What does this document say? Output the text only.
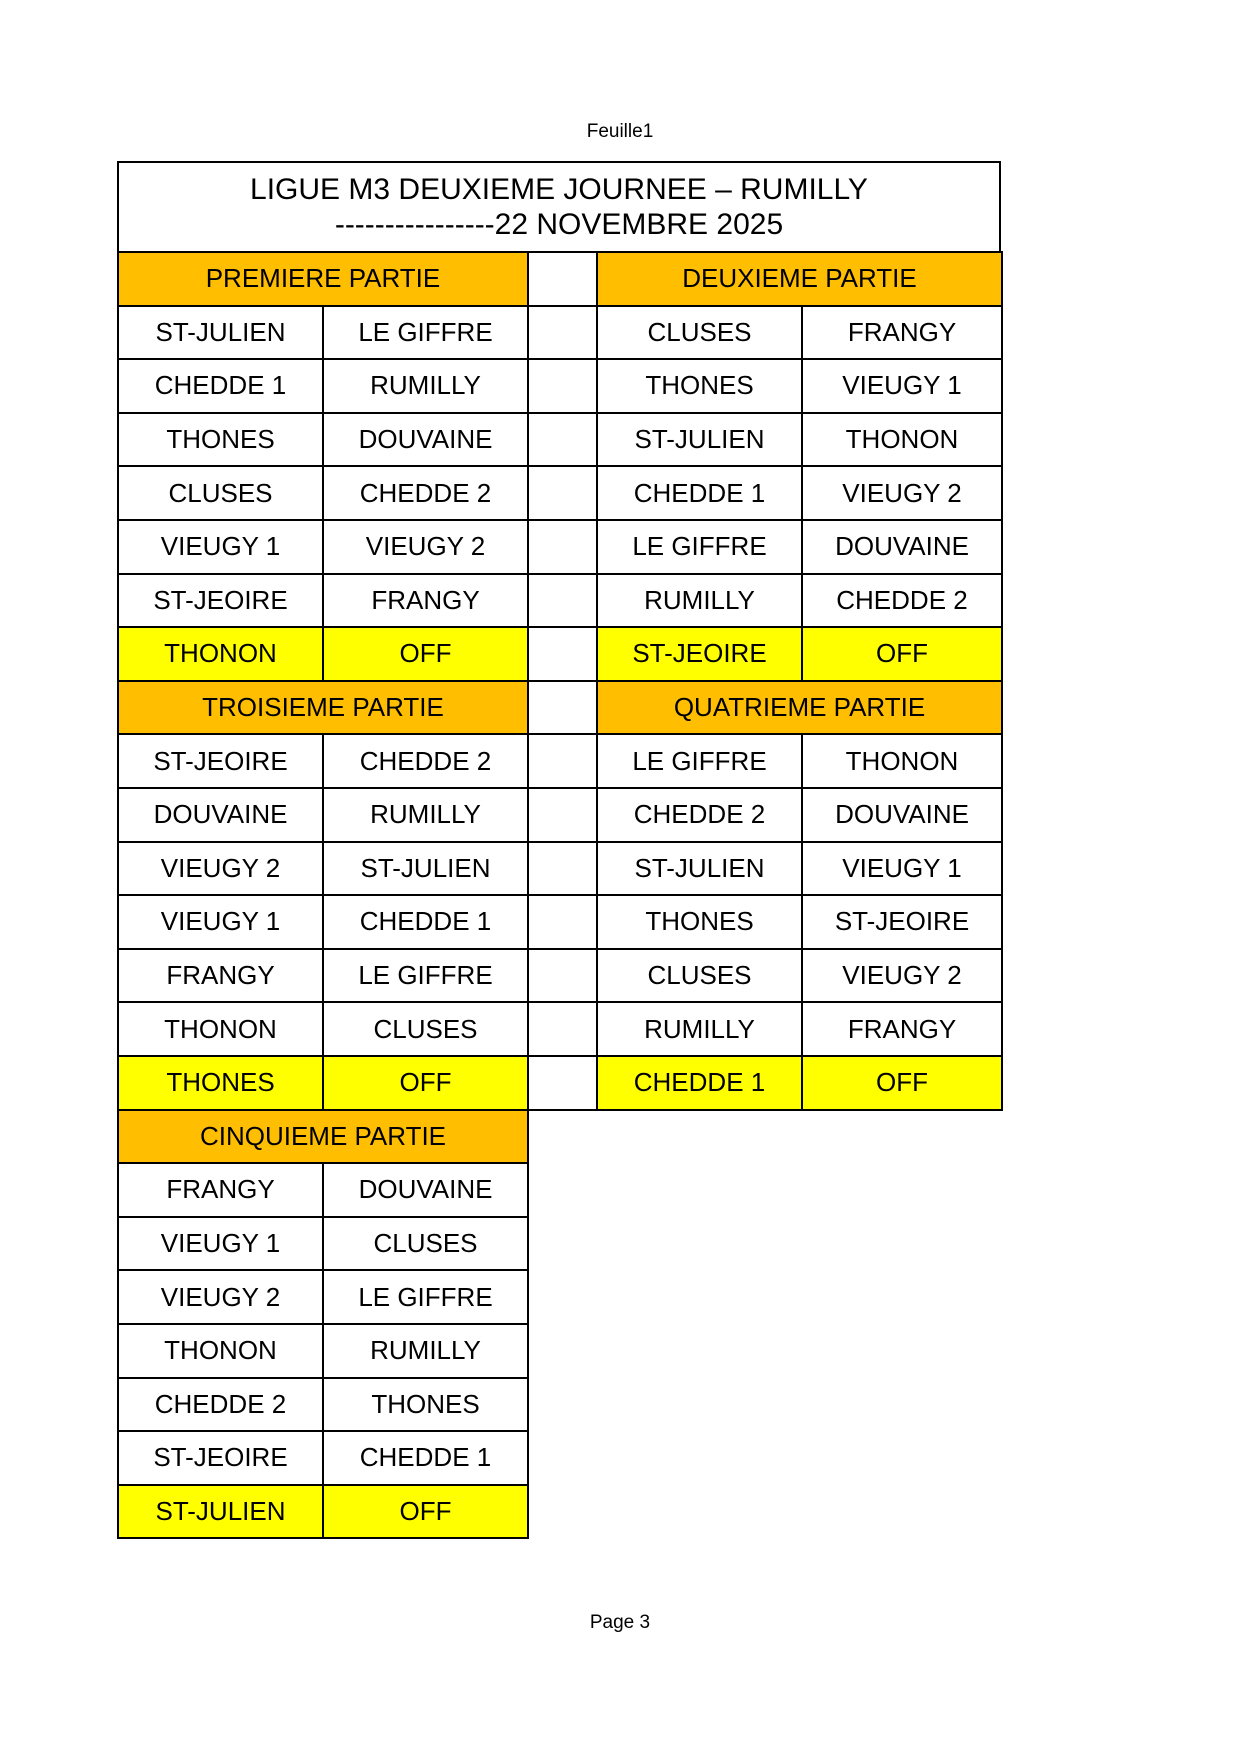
Feuille1
LIGUE M3 DEUXIEME JOURNEE – RUMILLY
----------------22 NOVEMBRE 2025
PREMIERE PARTIE
ST-JULIEN	LE GIFFRE
CHEDDE 1	RUMILLY
THONES	DOUVAINE
CLUSES	CHEDDE 2
VIEUGY 1	VIEUGY 2
ST-JEOIRE	FRANGY
THONON	OFF
DEUXIEME PARTIE
CLUSES	FRANGY
THONES	VIEUGY 1
ST-JULIEN	THONON
CHEDDE 1	VIEUGY 2
LE GIFFRE	DOUVAINE
RUMILLY	CHEDDE 2
ST-JEOIRE	OFF
TROISIEME PARTIE
ST-JEOIRE	CHEDDE 2
DOUVAINE	RUMILLY
VIEUGY 2	ST-JULIEN
VIEUGY 1	CHEDDE 1
FRANGY	LE GIFFRE
THONON	CLUSES
THONES	OFF
QUATRIEME PARTIE
LE GIFFRE	THONON
CHEDDE 2	DOUVAINE
ST-JULIEN	VIEUGY 1
THONES	ST-JEOIRE
CLUSES	VIEUGY 2
RUMILLY	FRANGY
CHEDDE 1	OFF
CINQUIEME PARTIE
FRANGY	DOUVAINE
VIEUGY 1	CLUSES
VIEUGY 2	LE GIFFRE
THONON	RUMILLY
CHEDDE 2	THONES
ST-JEOIRE	CHEDDE 1
ST-JULIEN	OFF
Page 3
